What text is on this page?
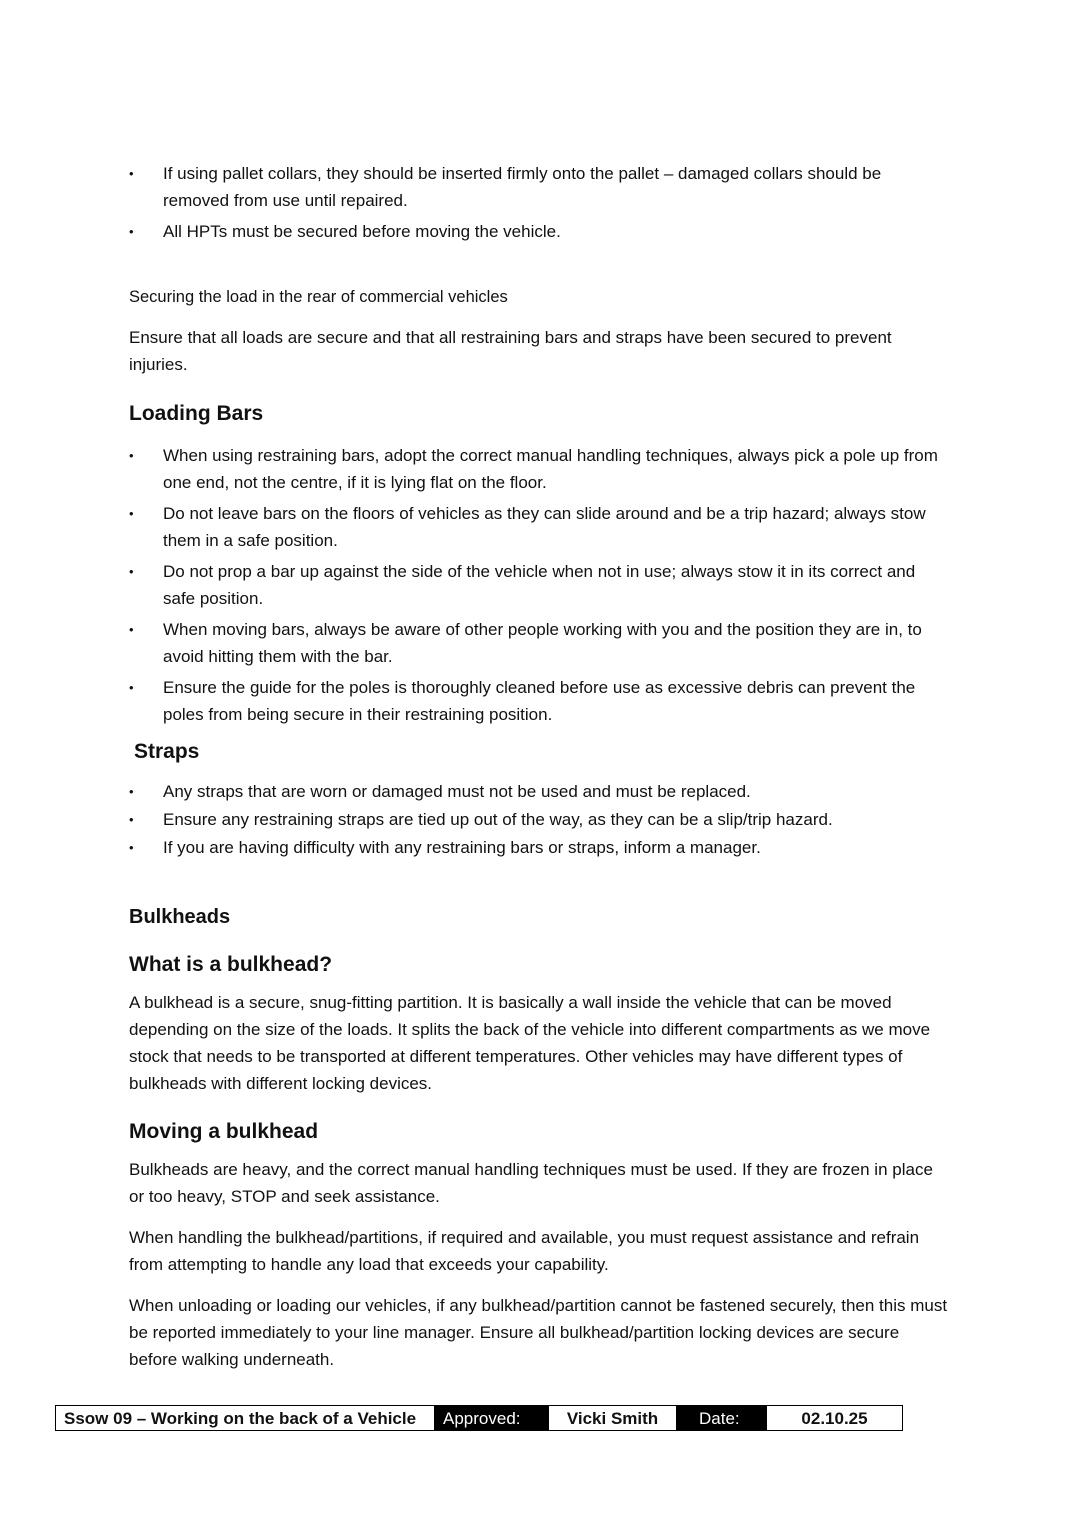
•	If using pallet collars, they should be inserted firmly onto the pallet – damaged collars should be removed from use until repaired.
•	All HPTs must be secured before moving the vehicle.

Securing the load in the rear of commercial vehicles

Ensure that all loads are secure and that all restraining bars and straps have been secured to prevent injuries.

Loading Bars
•	When using restraining bars, adopt the correct manual handling techniques, always pick a pole up from one end, not the centre, if it is lying flat on the floor.
•	Do not leave bars on the floors of vehicles as they can slide around and be a trip hazard; always stow them in a safe position.
•	Do not prop a bar up against the side of the vehicle when not in use; always stow it in its correct and safe position.
•	When moving bars, always be aware of other people working with you and the position they are in, to avoid hitting them with the bar.
•	Ensure the guide for the poles is thoroughly cleaned before use as excessive debris can prevent the poles from being secure in their restraining position.
Straps
•	Any straps that are worn or damaged must not be used and must be replaced.
•	Ensure any restraining straps are tied up out of the way, as they can be a slip/trip hazard.
•	If you are having difficulty with any restraining bars or straps, inform a manager.
Bulkheads
What is a bulkhead?

A bulkhead is a secure, snug-fitting partition. It is basically a wall inside the vehicle that can be moved depending on the size of the loads. It splits the back of the vehicle into different compartments as we move stock that needs to be transported at different temperatures. Other vehicles may have different types of bulkheads with different locking devices.

Moving a bulkhead

Bulkheads are heavy, and the correct manual handling techniques must be used. If they are frozen in place or too heavy, STOP and seek assistance.

When handling the bulkhead/partitions, if required and available, you must request assistance and refrain from attempting to handle any load that exceeds your capability.

When unloading or loading our vehicles, if any bulkhead/partition cannot be fastened securely, then this must be reported immediately to your line manager. Ensure all bulkhead/partition locking devices are secure before walking underneath.

Ssow 09 – Working on the back of a Vehicle	Approved:	Vicki Smith	Date:	02.10.25
